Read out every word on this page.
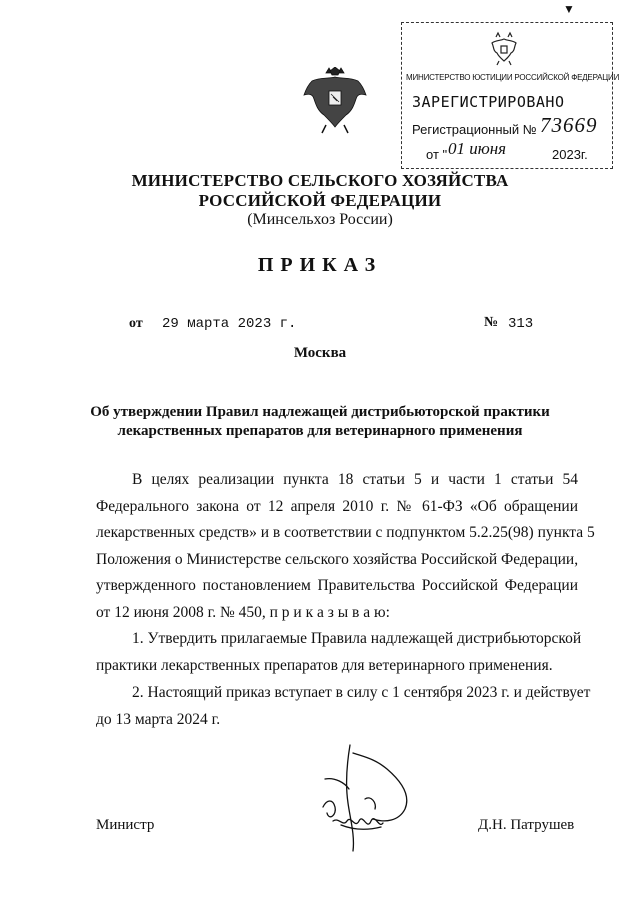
▼
МИНИСТЕРСТВО ЮСТИЦИИ РОССИЙСКОЙ ФЕДЕРАЦИИ
ЗАРЕГИСТРИРОВАНО
Регистрационный № 73669
от " 01 июня	2023г.
МИНИСТЕРСТВО СЕЛЬСКОГО ХОЗЯЙСТВА
РОССИЙСКОЙ ФЕДЕРАЦИИ
(Минсельхоз России)
ПРИКАЗ
от 29 марта 2023 г.	№ 313
Москва
Об утверждении Правил надлежащей дистрибьюторской практики
лекарственных препаратов для ветеринарного применения
В целях реализации пункта 18 статьи 5 и части 1 статьи 54
Федерального закона от 12 апреля 2010 г. № 61-ФЗ «Об обращении
лекарственных средств» и в соответствии с подпунктом 5.2.25(98) пункта 5
Положения о Министерстве сельского хозяйства Российской Федерации,
утвержденного постановлением Правительства Российской Федерации
от 12 июня 2008 г. № 450, п р и к а з ы в а ю:
1. Утвердить прилагаемые Правила надлежащей дистрибьюторской
практики лекарственных препаратов для ветеринарного применения.
2. Настоящий приказ вступает в силу с 1 сентября 2023 г. и действует
до 13 марта 2024 г.
Министр	Д.Н. Патрушев
